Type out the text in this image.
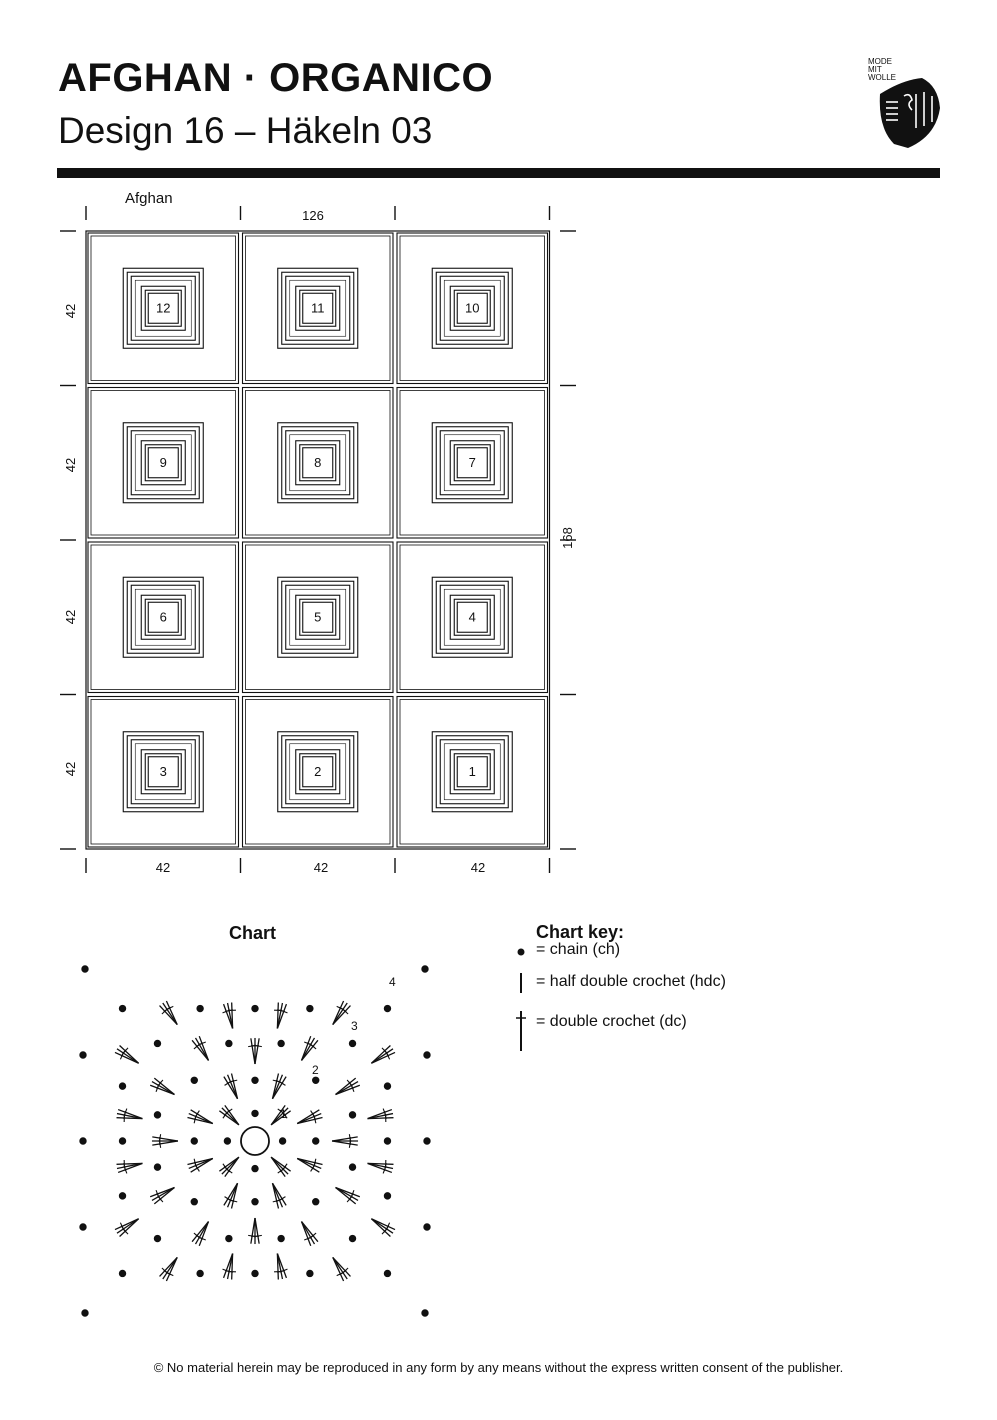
AFGHAN · ORGANICO
Design 16 – Häkeln 03
MODE
MIT
WOLLE
Afghan
126
168
42	42	42
42
42
42
42
12	11	10
9	8	7
6	5	4
3	2	1
Chart
1
2
3
4
Chart key:
= chain (ch)
= half double crochet (hdc)
= double crochet (dc)
© No material herein may be reproduced in any form by any means without the express written consent of the publisher.
